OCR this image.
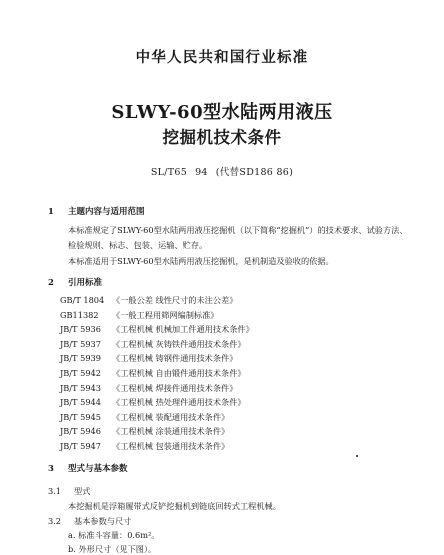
中华人民共和国行业标准
SLWY-60型水陆两用液压
挖掘机技术条件
SL/T65 94 (代替SD186 86)
1 主题内容与适用范围
本标准规定了SLWY-60型水陆两用液压挖掘机（以下简称“挖掘机”）的技术要求、试验方法、检验规则、标志、包装、运输、贮存。
本标准适用于SLWY-60型水陆两用液压挖掘机，是机制造及验收的依据。
2 引用标准
GB/T 1804 《一般公差 线性尺寸的未注公差》
GB11382 《一般工程用筛网编制标准》
JB/T 5936 《工程机械 机械加工件通用技术条件》
JB/T 5937 《工程机械 灰铸铁件通用技术条件》
JB/T 5939 《工程机械 铸钢件通用技术条件》
JB/T 5942 《工程机械 自由锻件通用技术条件》
JB/T 5943 《工程机械 焊接件通用技术条件》
JB/T 5944 《工程机械 热处理件通用技术条件》
JB/T 5945 《工程机械 装配通用技术条件》
JB/T 5946 《工程机械 涂装通用技术条件》
JB/T 5947 《工程机械 包装通用技术条件》
3 型式与基本参数
3.1 型式
本挖掘机是浮箱履带式反铲挖掘机到链底回转式工程机械。
3.2 基本参数与尺寸
a. 标准斗容量：0.6m²。
b. 外形尺寸（见下图）。
